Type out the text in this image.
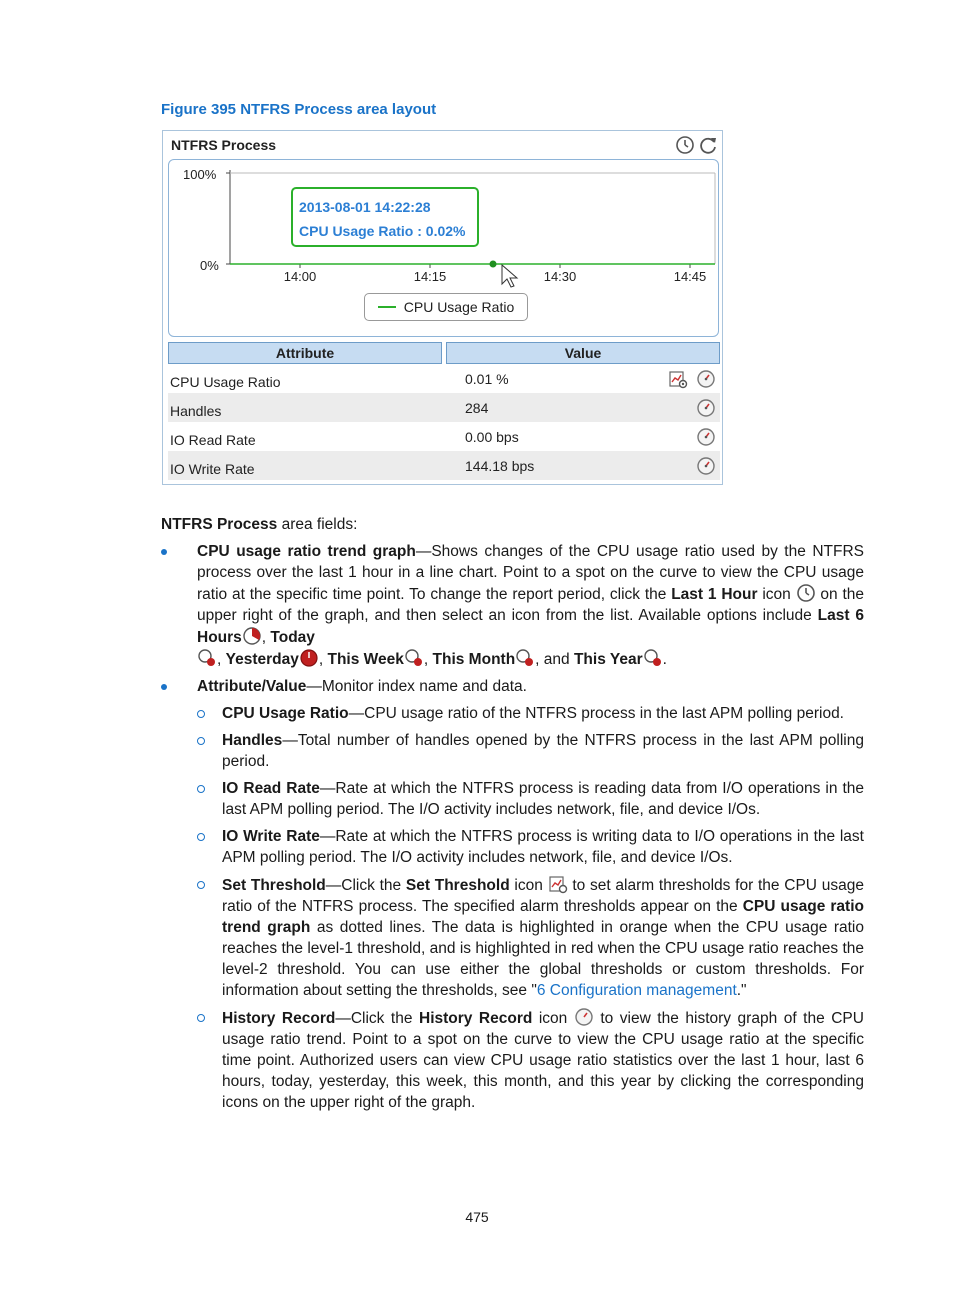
Figure 395 NTFRS Process area layout
NTFRS Process
100%
0%
14:00	14:15	14:30	14:45
2013-08-01 14:22:28
CPU Usage Ratio : 0.02%
CPU Usage Ratio
Attribute	Value
CPU Usage Ratio	0.01 %
Handles	284
IO Read Rate	0.00 bps
IO Write Rate	144.18 bps

NTFRS Process area fields:

CPU usage ratio trend graph—Shows changes of the CPU usage ratio used by the NTFRS process over the last 1 hour in a line chart. Point to a spot on the curve to view the CPU usage ratio at the specific time point. To change the report period, click the Last 1 Hour icon  on the upper right of the graph, and then select an icon from the list. Available options include Last 6 Hours , Today
, Yesterday , This Week , This Month , and This Year .
Attribute/Value—Monitor index name and data.
CPU Usage Ratio—CPU usage ratio of the NTFRS process in the last APM polling period.
Handles—Total number of handles opened by the NTFRS process in the last APM polling period.
IO Read Rate—Rate at which the NTFRS process is reading data from I/O operations in the last APM polling period. The I/O activity includes network, file, and device I/Os.
IO Write Rate—Rate at which the NTFRS process is writing data to I/O operations in the last APM polling period. The I/O activity includes network, file, and device I/Os.
Set Threshold—Click the Set Threshold icon  to set alarm thresholds for the CPU usage ratio of the NTFRS process. The specified alarm thresholds appear on the CPU usage ratio trend graph as dotted lines. The data is highlighted in orange when the CPU usage ratio reaches the level-1 threshold, and is highlighted in red when the CPU usage ratio reaches the level-2 threshold. You can use either the global thresholds or custom thresholds. For information about setting the thresholds, see "6 Configuration management."
History Record—Click the History Record icon  to view the history graph of the CPU usage ratio trend. Point to a spot on the curve to view the CPU usage ratio at the specific time point. Authorized users can view CPU usage ratio statistics over the last 1 hour, last 6 hours, today, yesterday, this week, this month, and this year by clicking the corresponding icons on the upper right of the graph.
475
